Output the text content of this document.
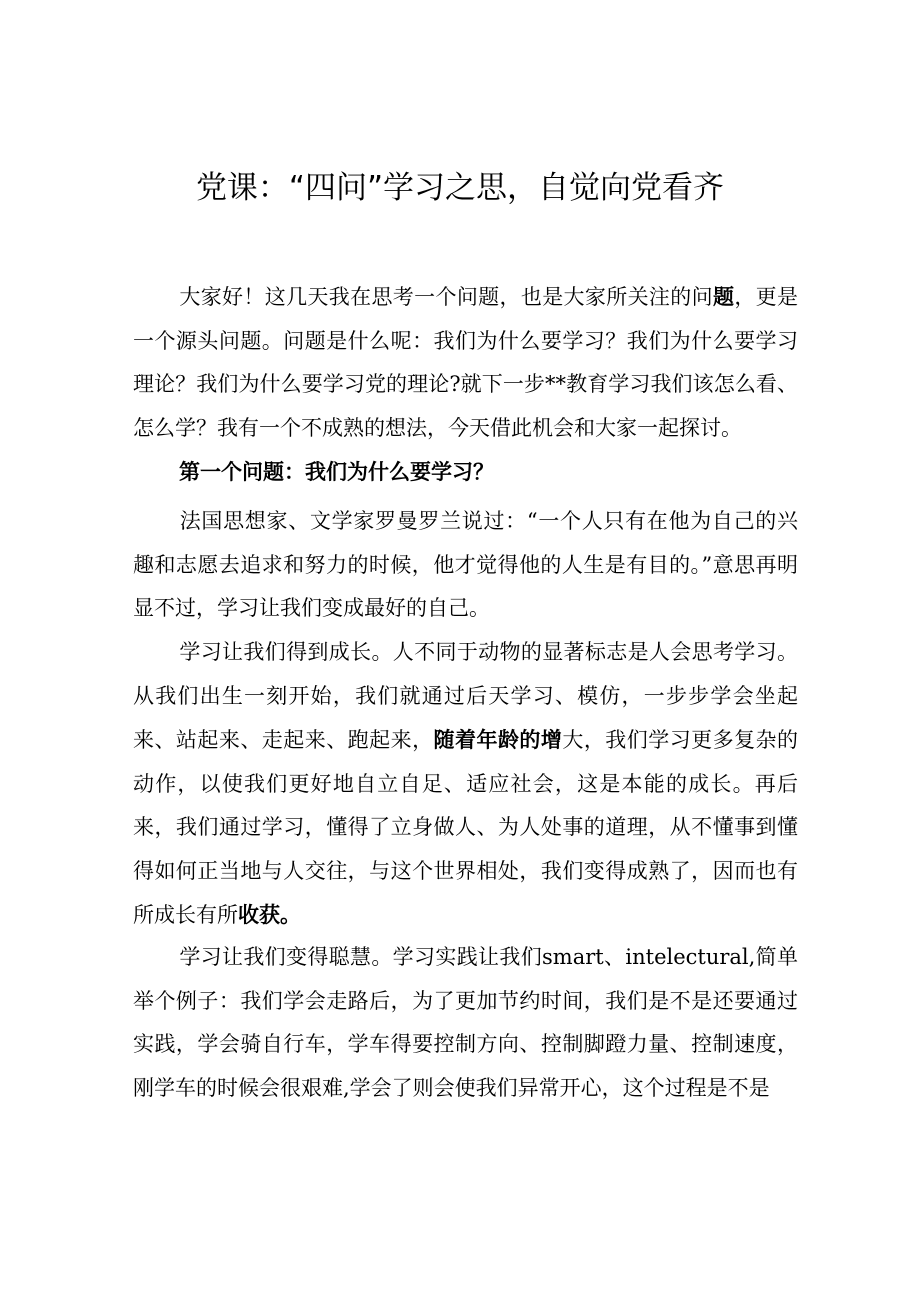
党课：“四问”学习之思，自觉向党看齐

大家好！这几天我在思考一个问题，也是大家所关注的问题，更是一个源头问题。问题是什么呢：我们为什么要学习？我们为什么要学习理论？我们为什么要学习党的理论?就下一步**教育学习我们该怎么看、怎么学？我有一个不成熟的想法，今天借此机会和大家一起探讨。

第一个问题：我们为什么要学习？

法国思想家、文学家罗曼罗兰说过：“一个人只有在他为自己的兴趣和志愿去追求和努力的时候，他才觉得他的人生是有目的。”意思再明显不过，学习让我们变成最好的自己。

学习让我们得到成长。人不同于动物的显著标志是人会思考学习。从我们出生一刻开始，我们就通过后天学习、模仿，一步步学会坐起来、站起来、走起来、跑起来，随着年龄的增大，我们学习更多复杂的动作，以使我们更好地自立自足、适应社会，这是本能的成长。再后来，我们通过学习，懂得了立身做人、为人处事的道理，从不懂事到懂得如何正当地与人交往，与这个世界相处，我们变得成熟了，因而也有所成长有所收获。

学习让我们变得聪慧。学习实践让我们smart、intelectural,简单举个例子：我们学会走路后，为了更加节约时间，我们是不是还要通过实践，学会骑自行车，学车得要控制方向、控制脚蹬力量、控制速度，刚学车的时候会很艰难,学会了则会使我们异常开心，这个过程是不是
